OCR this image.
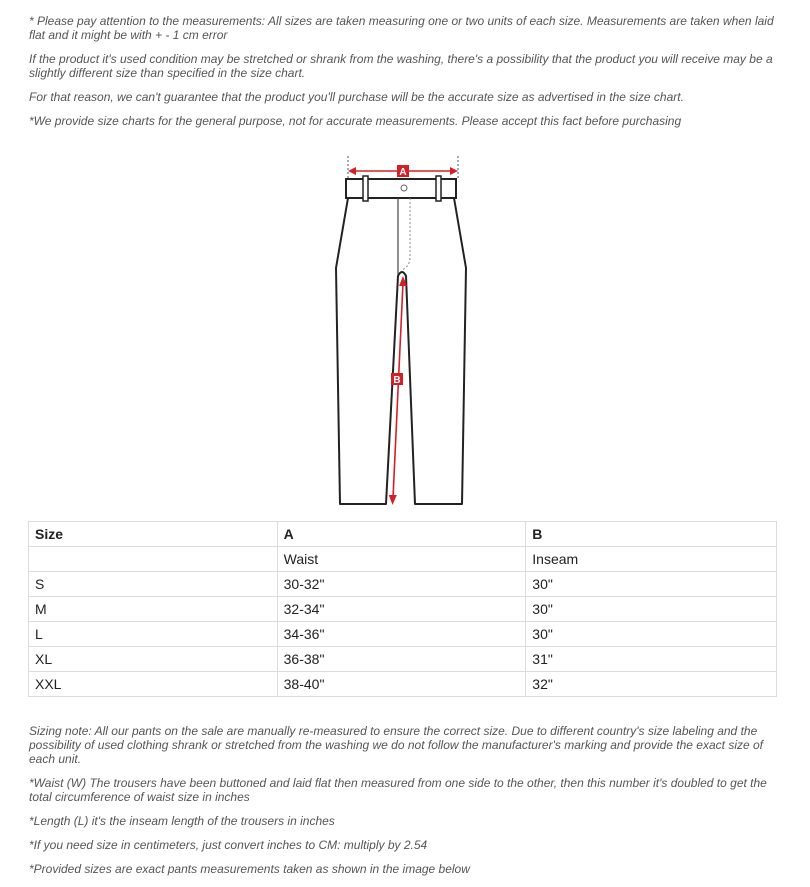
* Please pay attention to the measurements: All sizes are taken measuring one or two units of each size. Measurements are taken when laid flat and it might be with + - 1 cm error

If the product it's used condition may be stretched or shrank from the washing, there's a possibility that the product you will receive may be a slightly different size than specified in the size chart.

For that reason, we can't guarantee that the product you'll purchase will be the accurate size as advertised in the size chart.

*We provide size charts for the general purpose, not for accurate measurements. Please accept this fact before purchasing

A
B
Size	A	B
	Waist	Inseam
S	30-32"	30"
M	32-34"	30"
L	34-36"	30"
XL	36-38"	31"
XXL	38-40"	32"

Sizing note: All our pants on the sale are manually re-measured to ensure the correct size. Due to different country's size labeling and the possibility of used clothing shrank or stretched from the washing we do not follow the manufacturer's marking and provide the exact size of each unit.

*Waist (W) The trousers have been buttoned and laid flat then measured from one side to the other, then this number it's doubled to get the total circumference of waist size in inches

*Length (L) it's the inseam length of the trousers in inches

*If you need size in centimeters, just convert inches to CM: multiply by 2.54

*Provided sizes are exact pants measurements taken as shown in the image below
